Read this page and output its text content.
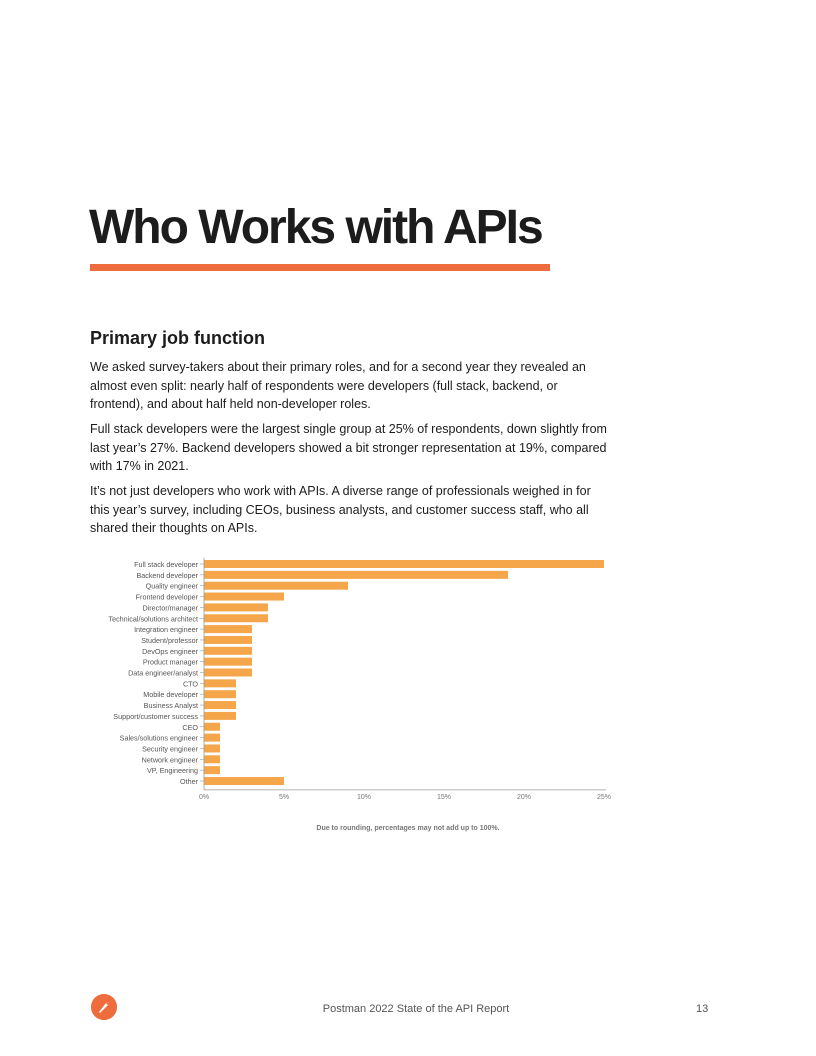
Who Works with APIs
Primary job function

We asked survey-takers about their primary roles, and for a second year they revealed an almost even split: nearly half of respondents were developers (full stack, backend, or frontend), and about half held non-developer roles.

Full stack developers were the largest single group at 25% of respondents, down slightly from last year’s 27%. Backend developers showed a bit stronger representation at 19%, compared with 17% in 2021.

It’s not just developers who work with APIs. A diverse range of professionals weighed in for this year’s survey, including CEOs, business analysts, and customer success staff, who all shared their thoughts on APIs.

Full stack developer
Backend developer
Quality engineer
Frontend developer
Director/manager
Technical/solutions architect
Integration engineer
Student/professor
DevOps engineer
Product manager
Data engineer/analyst
CTO
Mobile developer
Business Analyst
Support/customer success
CEO
Sales/solutions engineer
Security engineer
Network engineer
VP, Engineering
Other
0%	5%	10%	15%	20%	25%

Due to rounding, percentages may not add up to 100%.

Postman 2022 State of the API Report	13
